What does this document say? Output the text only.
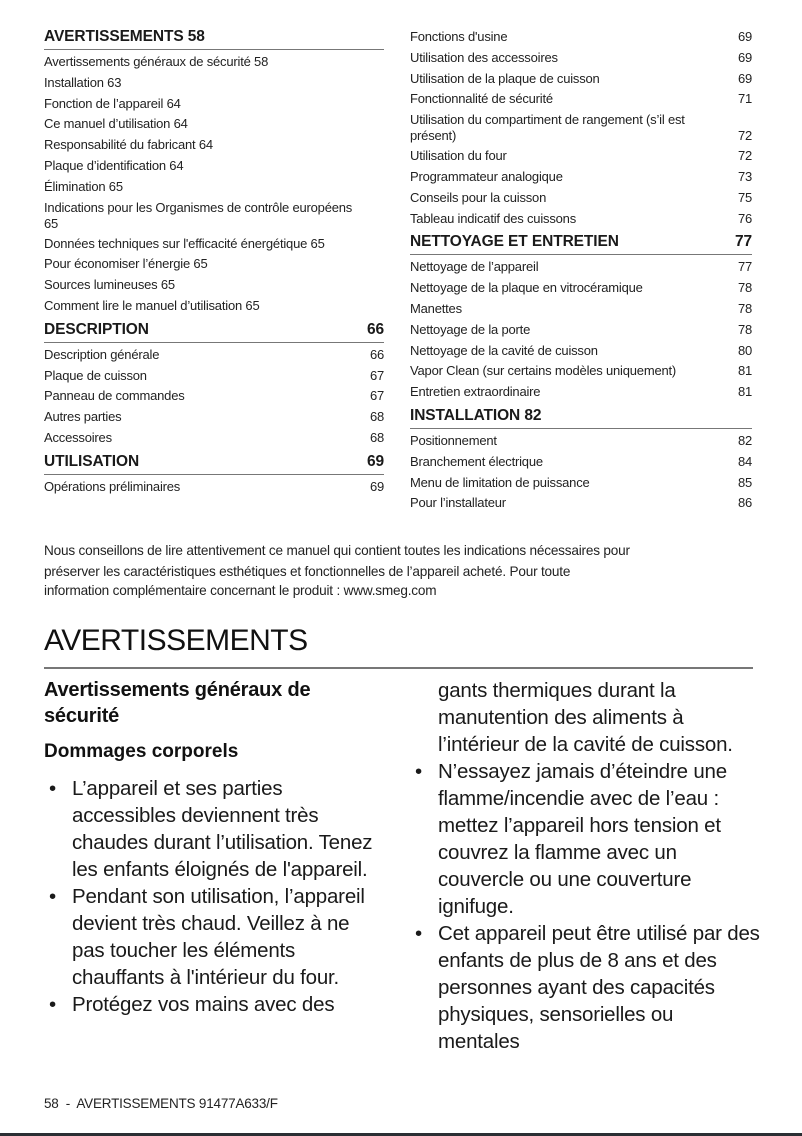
AVERTISSEMENTS 58
Avertissements généraux de sécurité 58
Installation 63
Fonction de l’appareil 64
Ce manuel d’utilisation 64
Responsabilité du fabricant 64
Plaque d’identification 64
Élimination 65
Indications pour les Organismes de contrôle européens 65
Données techniques sur l'efficacité énergétique 65
Pour économiser l’énergie 65
Sources lumineuses 65
Comment lire le manuel d’utilisation 65
DESCRIPTION	66
Description générale	66
Plaque de cuisson	67
Panneau de commandes	67
Autres parties	68
Accessoires	68
UTILISATION	69
Opérations préliminaires	69
Fonctions d'usine	69
Utilisation des accessoires	69
Utilisation de la plaque de cuisson	69
Fonctionnalité de sécurité	71
Utilisation du compartiment de rangement (s’il est présent)	72
Utilisation du four	72
Programmateur analogique	73
Conseils pour la cuisson	75
Tableau indicatif des cuissons	76
NETTOYAGE ET ENTRETIEN	77
Nettoyage de l’appareil	77
Nettoyage de la plaque en vitrocéramique	78
Manettes	78
Nettoyage de la porte	78
Nettoyage de la cavité de cuisson	80
Vapor Clean (sur certains modèles uniquement)	81
Entretien extraordinaire	81
INSTALLATION 82
Positionnement	82
Branchement électrique	84
Menu de limitation de puissance	85
Pour l’installateur	86
Nous conseillons de lire attentivement ce manuel qui contient toutes les indications nécessaires pour
préserver les caractéristiques esthétiques et fonctionnelles de l’appareil acheté. Pour toute
information complémentaire concernant le produit : www.smeg.com
AVERTISSEMENTS
Avertissements généraux de sécurité
Dommages corporels
• L’appareil et ses parties accessibles deviennent très chaudes durant l’utilisation. Tenez les enfants éloignés de l'appareil.
• Pendant son utilisation, l’appareil devient très chaud. Veillez à ne pas toucher les éléments chauffants à l'intérieur du four.
• Protégez vos mains avec des
gants thermiques durant la manutention des aliments à l’intérieur de la cavité de cuisson.
• N’essayez jamais d’éteindre une flamme/incendie avec de l’eau : mettez l’appareil hors tension et couvrez la flamme avec un couvercle ou une couverture ignifuge.
• Cet appareil peut être utilisé par des enfants de plus de 8 ans et des personnes ayant des capacités physiques, sensorielles ou mentales
58  -  AVERTISSEMENTS 91477A633/F
